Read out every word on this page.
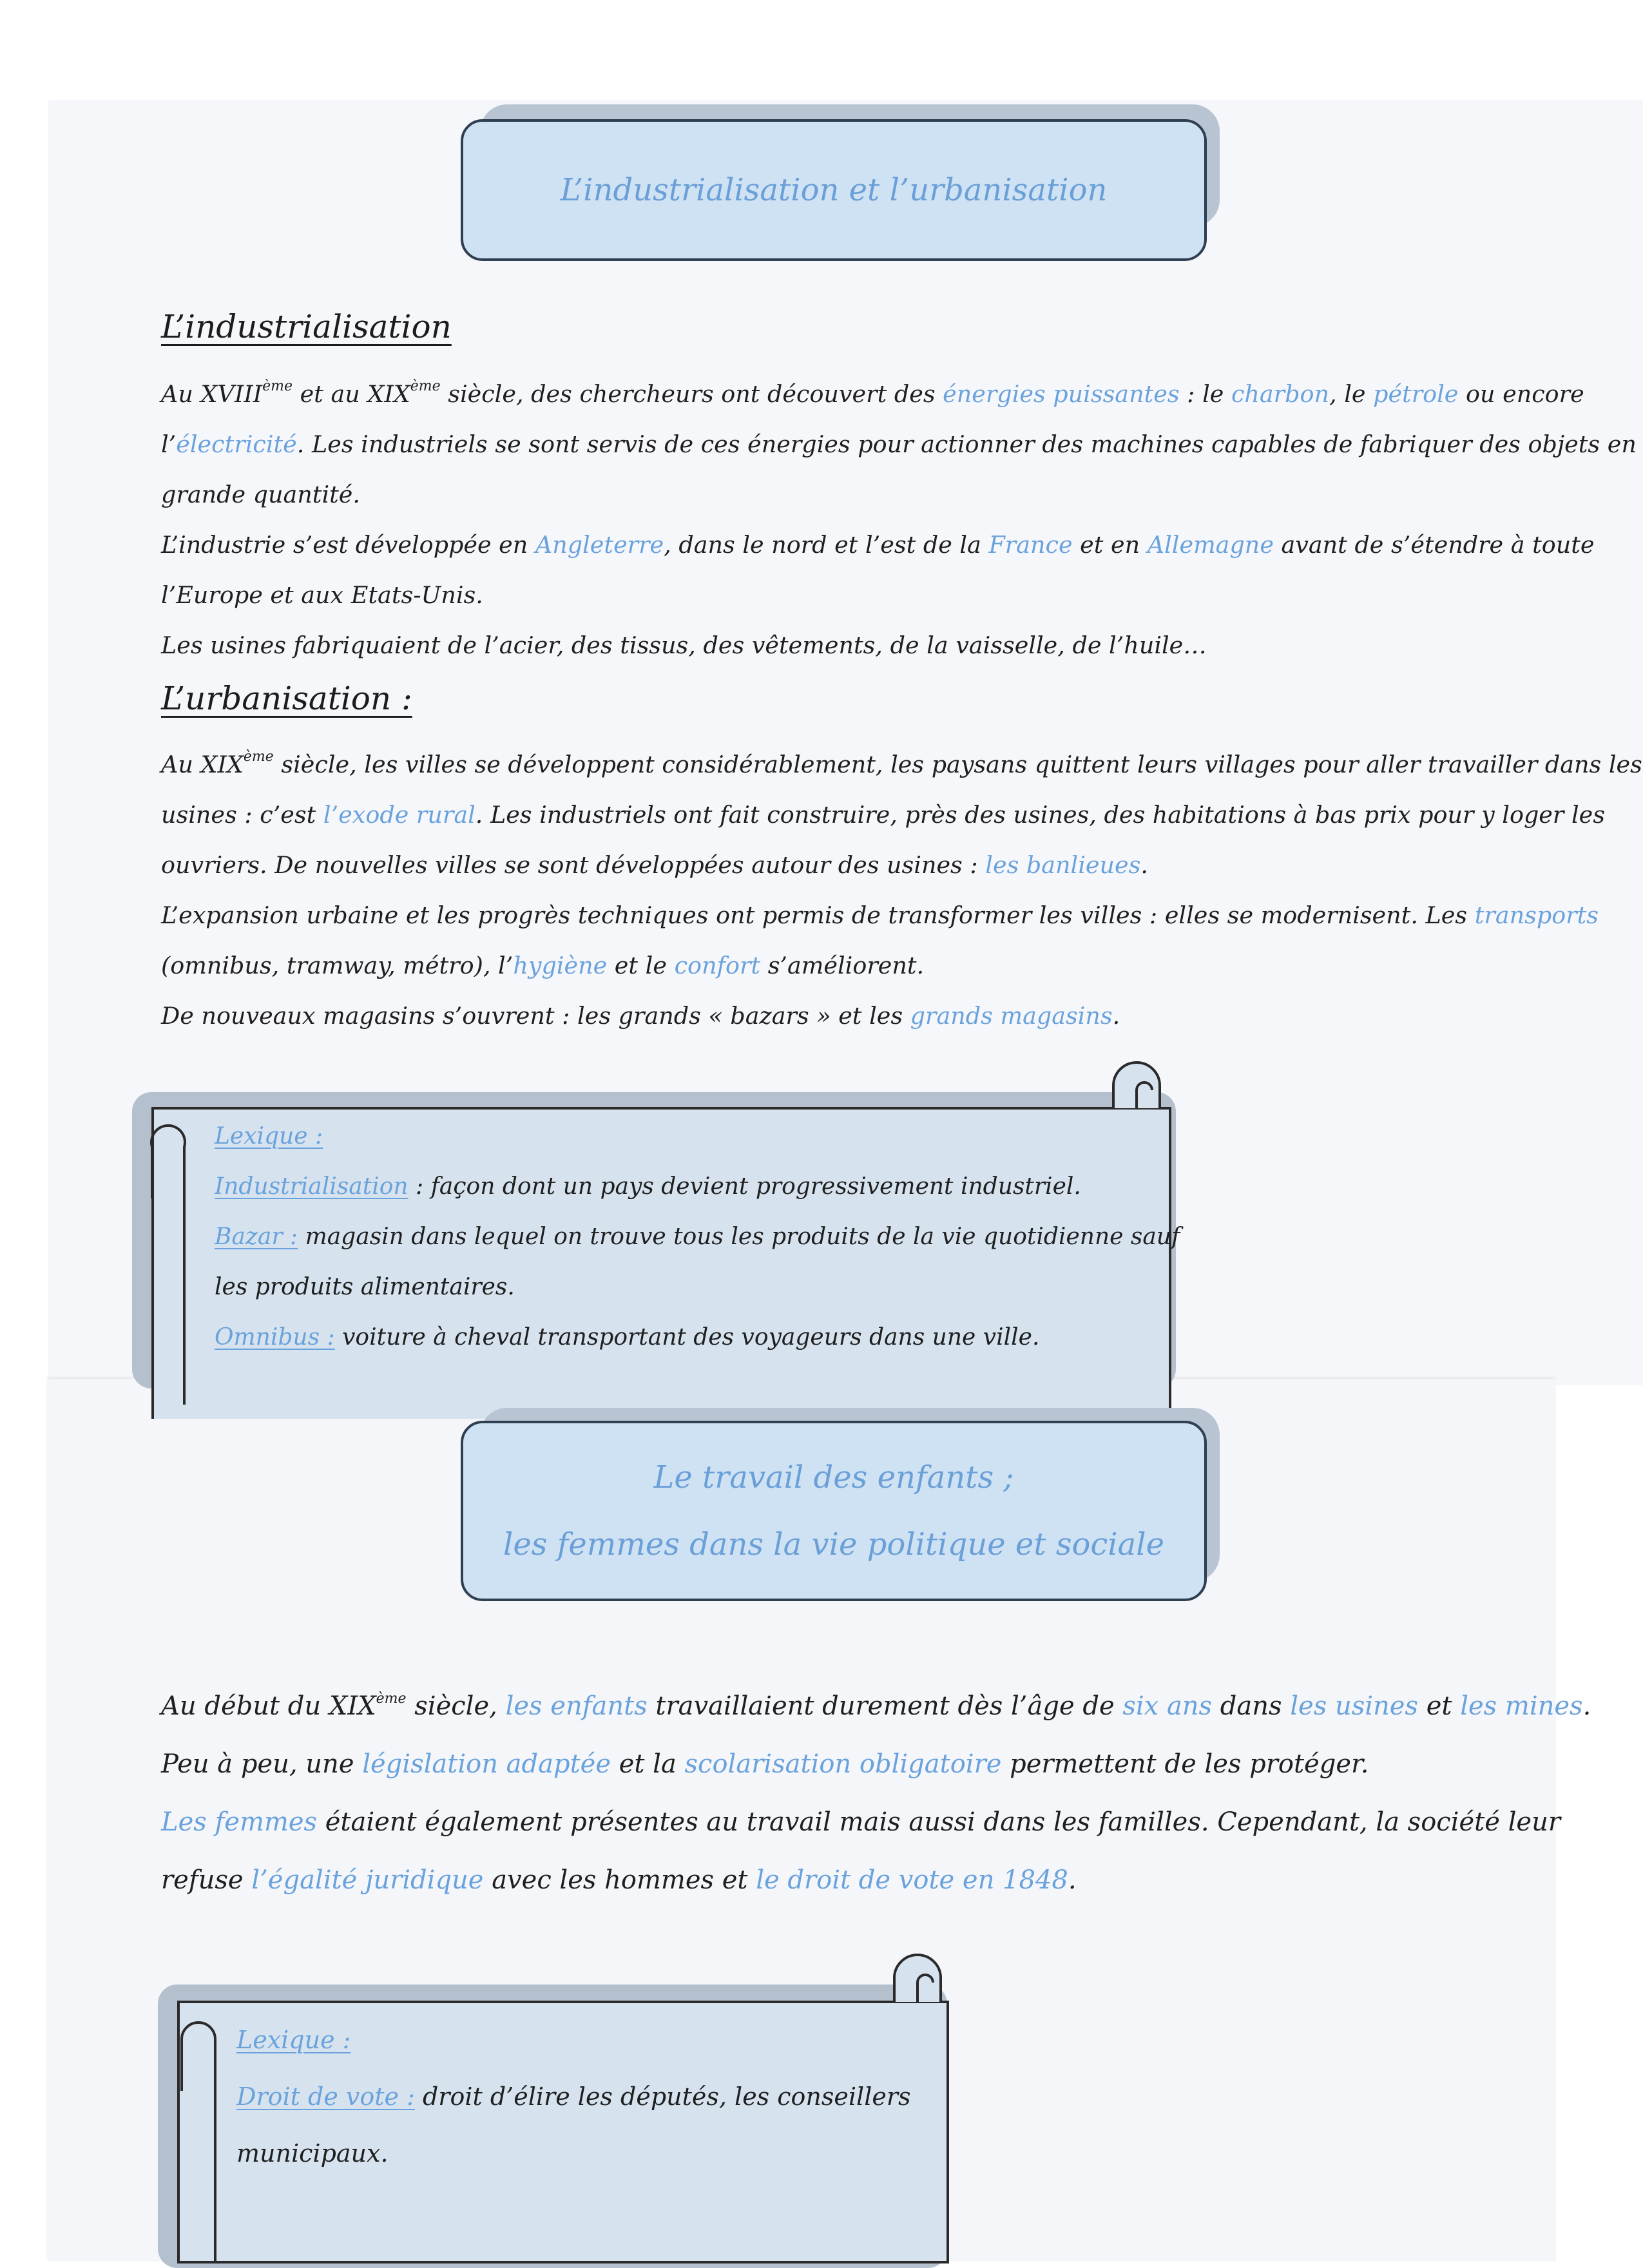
L’industrialisation et l’urbanisation
L’industrialisation

Au XVIIIème et au XIXème siècle, des chercheurs ont découvert des énergies puissantes : le charbon, le pétrole ou encore

l’électricité. Les industriels se sont servis de ces énergies pour actionner des machines capables de fabriquer des objets en

grande quantité.

L’industrie s’est développée en Angleterre, dans le nord et l’est de la France et en Allemagne avant de s’étendre à toute

l’Europe et aux Etats-Unis.

Les usines fabriquaient de l’acier, des tissus, des vêtements, de la vaisselle, de l’huile…

L’urbanisation :

Au XIXème siècle, les villes se développent considérablement, les paysans quittent leurs villages pour aller travailler dans les

usines : c’est l’exode rural. Les industriels ont fait construire, près des usines, des habitations à bas prix pour y loger les

ouvriers. De nouvelles villes se sont développées autour des usines : les banlieues.

L’expansion urbaine et les progrès techniques ont permis de transformer les villes : elles se modernisent. Les transports

(omnibus, tramway, métro), l’hygiène et le confort s’améliorent.

De nouveaux magasins s’ouvrent : les grands « bazars » et les grands magasins.

Lexique :

Industrialisation : façon dont un pays devient progressivement industriel.

Bazar : magasin dans lequel on trouve tous les produits de la vie quotidienne sauf

les produits alimentaires.

Omnibus : voiture à cheval transportant des voyageurs dans une ville.

Le travail des enfants ;
les femmes dans la vie politique et sociale

Au début du XIXème siècle, les enfants travaillaient durement dès l’âge de six ans dans les usines et les mines.

Peu à peu, une législation adaptée et la scolarisation obligatoire permettent de les protéger.

Les femmes étaient également présentes au travail mais aussi dans les familles. Cependant, la société leur

refuse l’égalité juridique avec les hommes et le droit de vote en 1848.

Lexique :

Droit de vote : droit d’élire les députés, les conseillers

municipaux.
